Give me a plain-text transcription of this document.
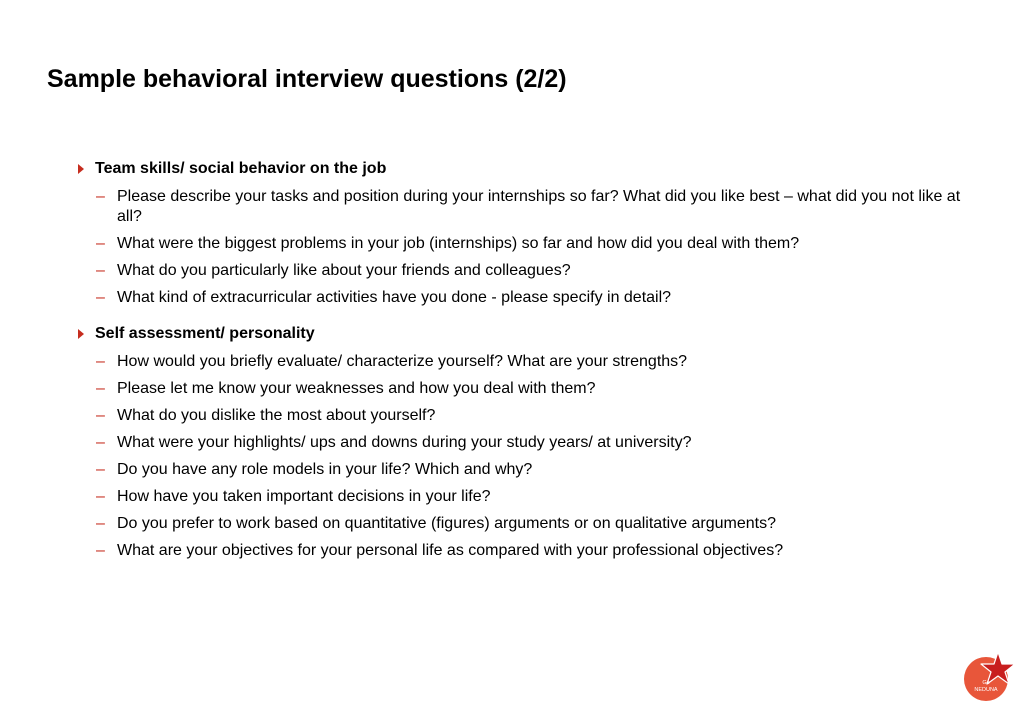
Sample behavioral interview questions (2/2)
Team skills/ social behavior on the job
– Please describe your tasks and position during your internships so far? What did you like best – what did you not like at all?
– What were the biggest problems in your job (internships) so far and how did you deal with them?
– What do you particularly like about your friends and colleagues?
– What kind of extracurricular activities have you done - please specify in detail?
Self assessment/ personality
– How would you briefly evaluate/ characterize yourself? What are your strengths?
– Please let me know your weaknesses and how you deal with them?
– What do you dislike the most about yourself?
– What were your highlights/ ups and downs during your study years/ at university?
– Do you have any role models in your life? Which and why?
– How have you taken important decisions in your life?
– Do you prefer to work based on quantitative (figures) arguments or on qualitative arguments?
– What are your objectives for your personal life as compared with your professional objectives?
Go
NEDUNA
